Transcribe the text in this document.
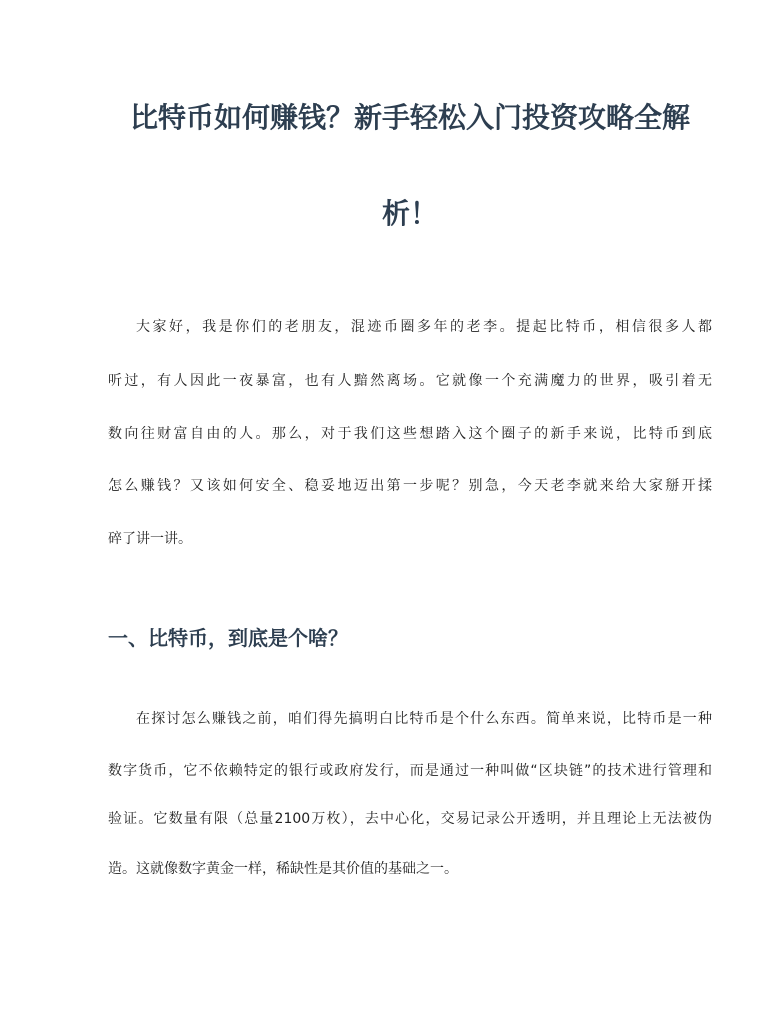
比特币如何赚钱？新手轻松入门投资攻略全解
析！

大家好，我是你们的老朋友，混迹币圈多年的老李。提起比特币，相信很多人都

听过，有人因此一夜暴富，也有人黯然离场。它就像一个充满魔力的世界，吸引着无

数向往财富自由的人。那么，对于我们这些想踏入这个圈子的新手来说，比特币到底

怎么赚钱？又该如何安全、稳妥地迈出第一步呢？别急，今天老李就来给大家掰开揉

碎了讲一讲。

一、比特币，到底是个啥？

在探讨怎么赚钱之前，咱们得先搞明白比特币是个什么东西。简单来说，比特币是一种

数字货币，它不依赖特定的银行或政府发行，而是通过一种叫做“区块链”的技术进行管理和

验证。它数量有限（总量2100万枚），去中心化，交易记录公开透明，并且理论上无法被伪

造。这就像数字黄金一样，稀缺性是其价值的基础之一。
